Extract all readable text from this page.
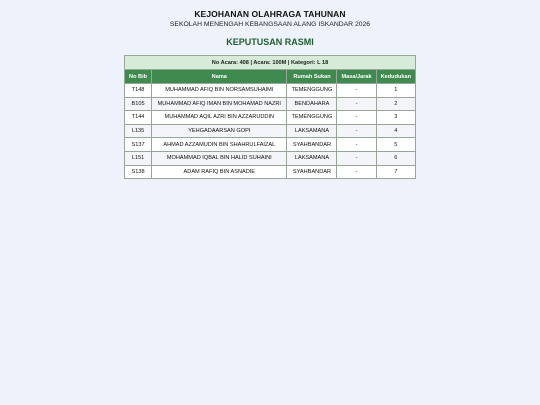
KEJOHANAN OLAHRAGA TAHUNAN
SEKOLAH MENENGAH KEBANGSAAN ALANG ISKANDAR 2026
KEPUTUSAN RASMI
No Acara: 408 | Acara: 100M | Kategori: L 18				
No Bib	Nama	Rumah Sukan	Masa/Jarak	Kedudukan
T148	MUHAMMAD AFIQ BIN NORSAMSUHAIMI	TEMENGGUNG	-	1
B105	MUHAMMAD AFIQ IMAN BIN MOHAMAD NAZRI	BENDAHARA	-	2
T144	MUHAMMAD AQIL AZRI BIN AZZARUDDIN	TEMENGGUNG	-	3
L135	YEHGADAARSAN GOPI	LAKSAMANA	-	4
S137	AHMAD AZZAMUDIN BIN SHAHRULFAIZAL	SYAHBANDAR	-	5
L151	MOHAMMAD IQBAL BIN HALID SUHAINI	LAKSAMANA	-	6
S138	ADAM RAFIQ BIN ASNADIE	SYAHBANDAR	-	7
